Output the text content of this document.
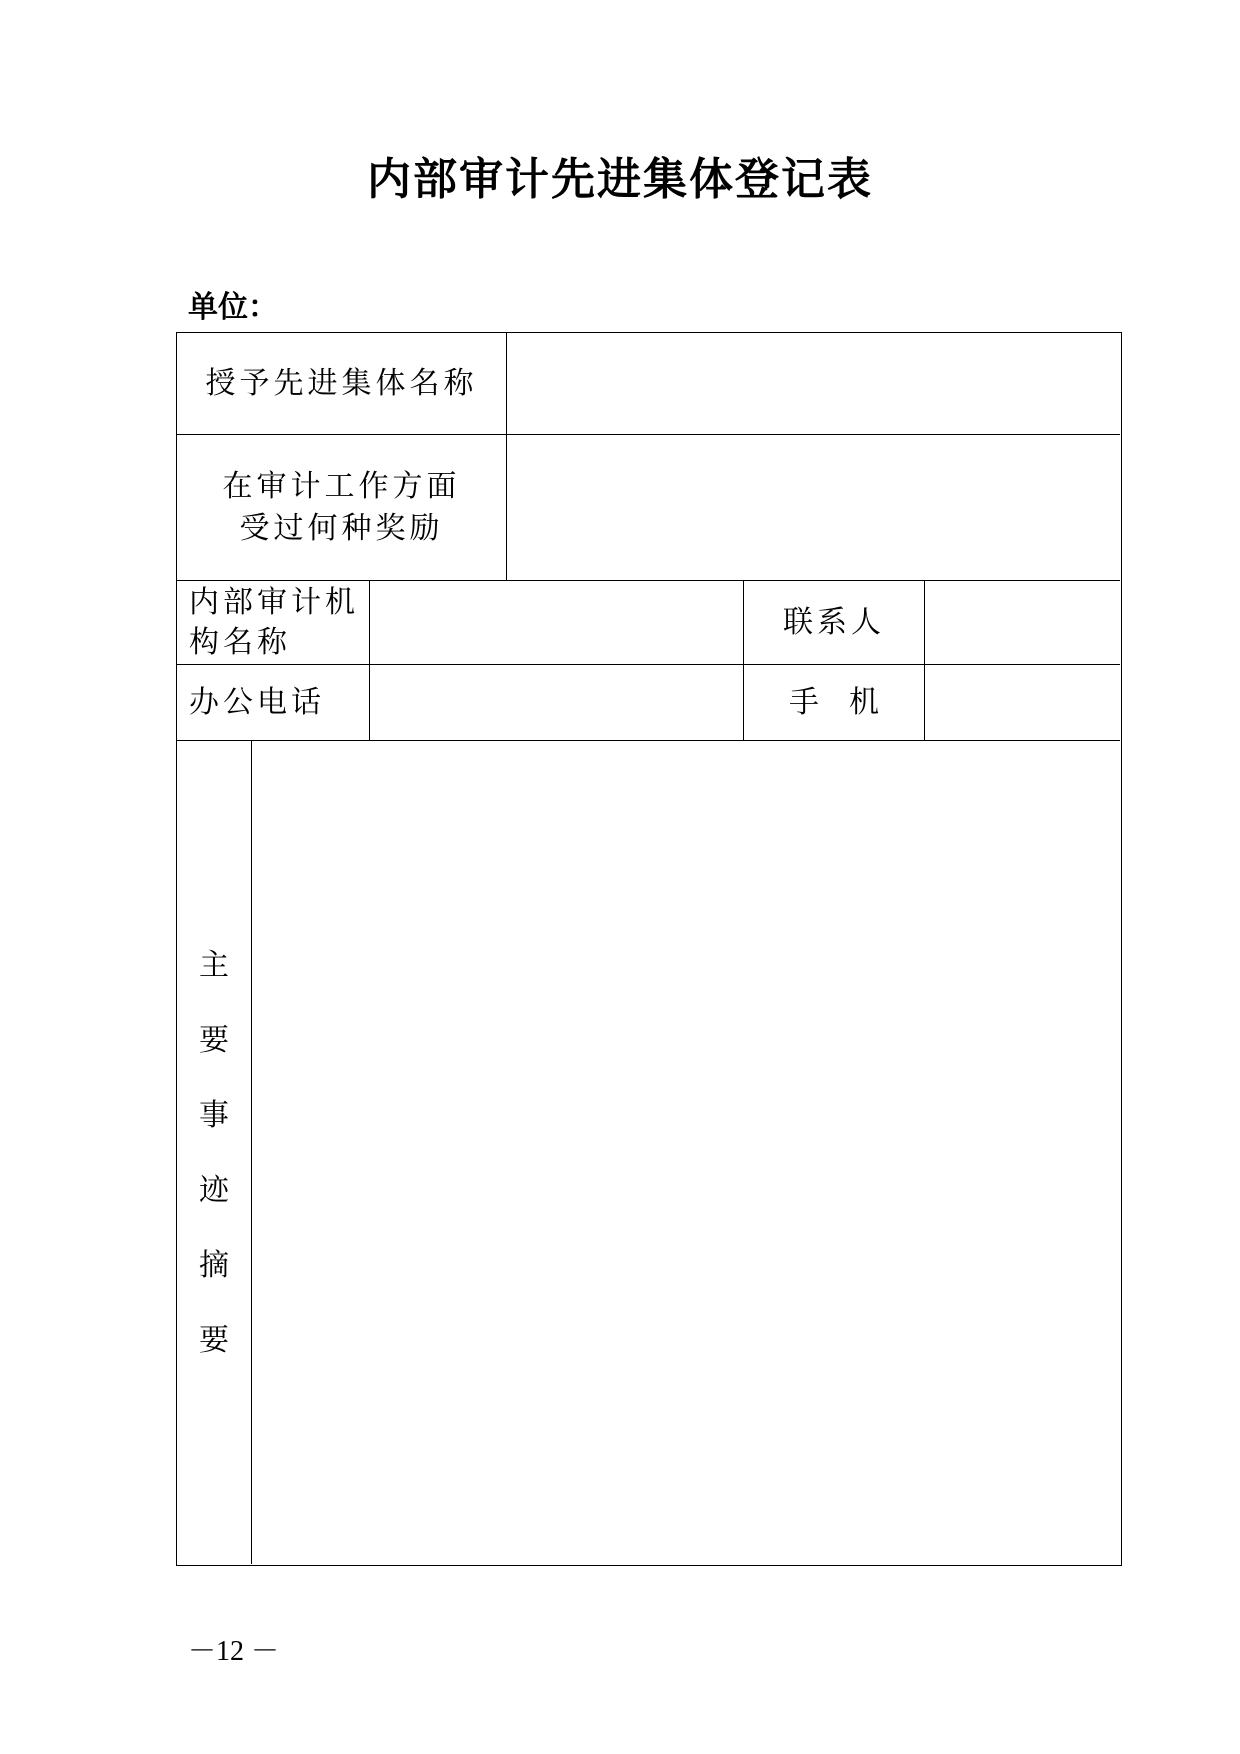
内部审计先进集体登记表
单位：
授予先进集体名称
在审计工作方面
受过何种奖励
内部审计机
构名称
联系人
办公电话	手　机
主
要
事
迹
摘
要
－12 －
